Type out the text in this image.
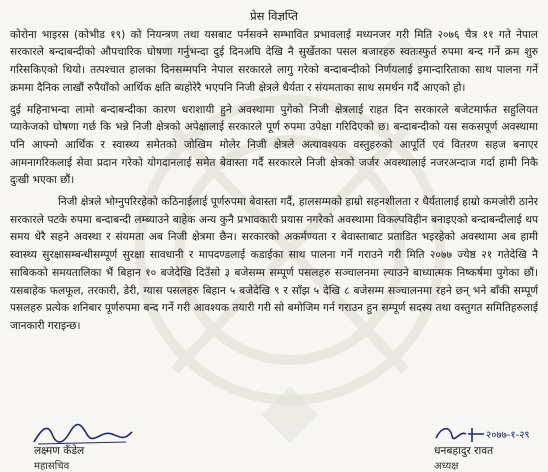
प्रेस विज्ञप्ति

कोरोना भाइरस (कोभीड १९) को नियन्त्रण तथा यसबाट पर्नसक्ने सम्भावित प्रभावलाई मध्यनजर गरी मिति २०७६ चैत्र ११ गते नेपाल सरकारले बन्दाबन्दीको औपचारिक घोषणा गर्नुभन्दा दुई दिनअघि देखि नै सुर्खेतका पसल बजारहरु स्वतःस्फुर्त रुपमा बन्द गर्ने क्रम शुरु गरिसकिएको थियो। तत्पश्चात हालका दिनसम्मपनि नेपाल सरकारले लागु गरेको बन्दाबन्दीको निर्णयलाई इमान्दारिताका साथ पालना गर्ने क्रममा दैनिक लाखौं रुपैयाँको आर्थिक क्षति ब्यहोरेरै भएपनि निजी क्षेत्रले धैर्यता र संयमताका साथ समर्थन गर्दै आएको हो।

दुई महिनाभन्दा लामो बन्दाबन्दीका कारण धराशायी हुने अवस्थामा पुगेको निजी क्षेत्रलाई राहत दिन सरकारले बजेटमार्फत सहुलियत प्याकेजको घोषणा गर्छ कि भन्ने निजी क्षेत्रको अपेक्षालाई सरकारले पूर्ण रुपमा उपेक्षा गरिदिएको छ। बन्दाबन्दीको यस सकसपूर्ण अवस्थामा पनि आफ्नो आर्थिक र स्वास्थ्य समेतको जोखिम मोलेर निजी क्षेत्रले अत्यावश्यक वस्तुहरुको आपूर्ति एवं वितरण सहज बनाएर आमनागरिकलाई सेवा प्रदान गरेको योगदानलाई समेत बेवास्ता गर्दै सरकारले निजी क्षेत्रको जर्जर अवस्थालाई नजरअन्दाज गर्दा हामी निकै दुःखी भएका छौं।

निजी क्षेत्रले भोग्नुपरिरहेको कठिनाईलाई पूर्णरुपमा बेवास्ता गर्दै, हालसम्मको हाम्रो सहनशीलता र धैर्यतालाई हाम्रो कमजोरी ठानेर सरकारले पटके रुपमा बन्दाबन्दी लम्ब्याउने बाहेक अन्य कुनै प्रभावकारी प्रयास नगरेको अवस्थामा विकल्पविहीन बनाइएको बन्दाबन्दीलाई थप समय धेरै सहने अवस्था र संयमता अब निजी क्षेत्रमा छैन। सरकारको अकर्मण्यता र बेवास्ताबाट प्रताडित भइरहेको अवस्थामा अब हामी स्वास्थ्य सुरक्षासम्बन्धीसम्पूर्ण सुरक्षा सावधानी र मापदण्डलाई कडाईका साथ पालना गर्ने गराउने गरी मिति २०७७ ज्येष्ठ २१ गतेदेखि नै साबिकको समयतालिका भैं बिहान १० बजेदेखि दिउँसो ३ बजेसम्म सम्पूर्ण पसलहरु सञ्चालनमा ल्याउने बाध्यात्मक निष्कर्षमा पुगेका छौं। यसबाहेक फलफूल, तरकारी, डेरी, ग्यास पसलहरु बिहान ५ बजेदेखि ९ र साँझ ५ देखि ८ बजेसम्म सञ्चालनमा रहने छन् भने बाँकी सम्पूर्ण पसलहरु प्रत्येक शनिबार पूर्णरुपमा बन्द गर्ने गरी आवश्यक तयारी गरी सो बमोजिम गर्न गराउन हुन सम्पूर्ण सदस्य तथा वस्तुगत समितिहरुलाई जानकारी गराइन्छ।

लक्ष्मण कँडेल
महासचिव
२०७७-१-२९
धनबहादुर रावत
अध्यक्ष
